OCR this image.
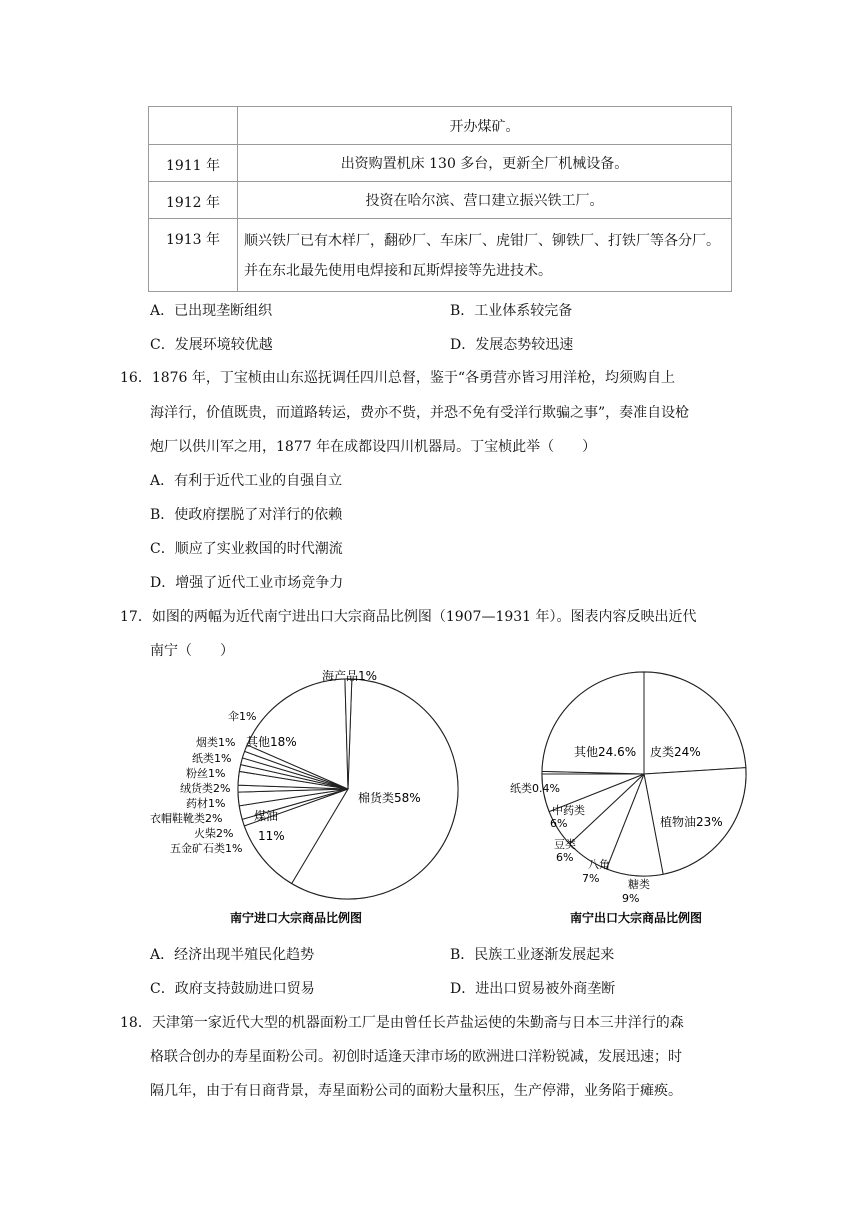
	开办煤矿。
1911 年	出资购置机床 130 多台，更新全厂机械设备。
1912 年	投资在哈尔滨、营口建立振兴铁工厂。
1913 年	顺兴铁厂已有木样厂，翻砂厂、车床厂、虎钳厂、铆铁厂、打铁厂等各分厂。并在东北最先使用电焊接和瓦斯焊接等先进技术。
A．已出现垄断组织	B．工业体系较完备
C．发展环境较优越	D．发展态势较迅速
16．1876 年，丁宝桢由山东巡抚调任四川总督，鉴于“各勇营亦皆习用洋枪，均须购自上
海洋行，价值既贵，而道路转运，费亦不赀，并恐不免有受洋行欺骗之事”，奏准自设枪
炮厂以供川军之用，1877 年在成都设四川机器局。丁宝桢此举（　　）
A．有利于近代工业的自强自立
B．使政府摆脱了对洋行的依赖
C．顺应了实业救国的时代潮流
D．增强了近代工业市场竞争力
17．如图的两幅为近代南宁进出口大宗商品比例图（1907—1931 年）。图表内容反映出近代
南宁（　　）
海产品1%
其他18%
棉货类58%
煤油
11%
伞1%
烟类1%
纸类1%
粉丝1%
绒货类2%
药材1%
衣帽鞋靴类2%
火柴2%
五金矿石类1%
皮类24%
其他24.6%
植物油23%
纸类0.4%
中药类
6%
豆类
6%
八角
7%	糖类
9%
南宁进口大宗商品比例图	南宁出口大宗商品比例图
A．经济出现半殖民化趋势	B．民族工业逐渐发展起来
C．政府支持鼓励进口贸易	D．进出口贸易被外商垄断
18．天津第一家近代大型的机器面粉工厂是由曾任长芦盐运使的朱勤斋与日本三井洋行的森
格联合创办的寿星面粉公司。初创时适逢天津市场的欧洲进口洋粉锐减，发展迅速；时
隔几年，由于有日商背景，寿星面粉公司的面粉大量积压，生产停滞，业务陷于瘫痪。
